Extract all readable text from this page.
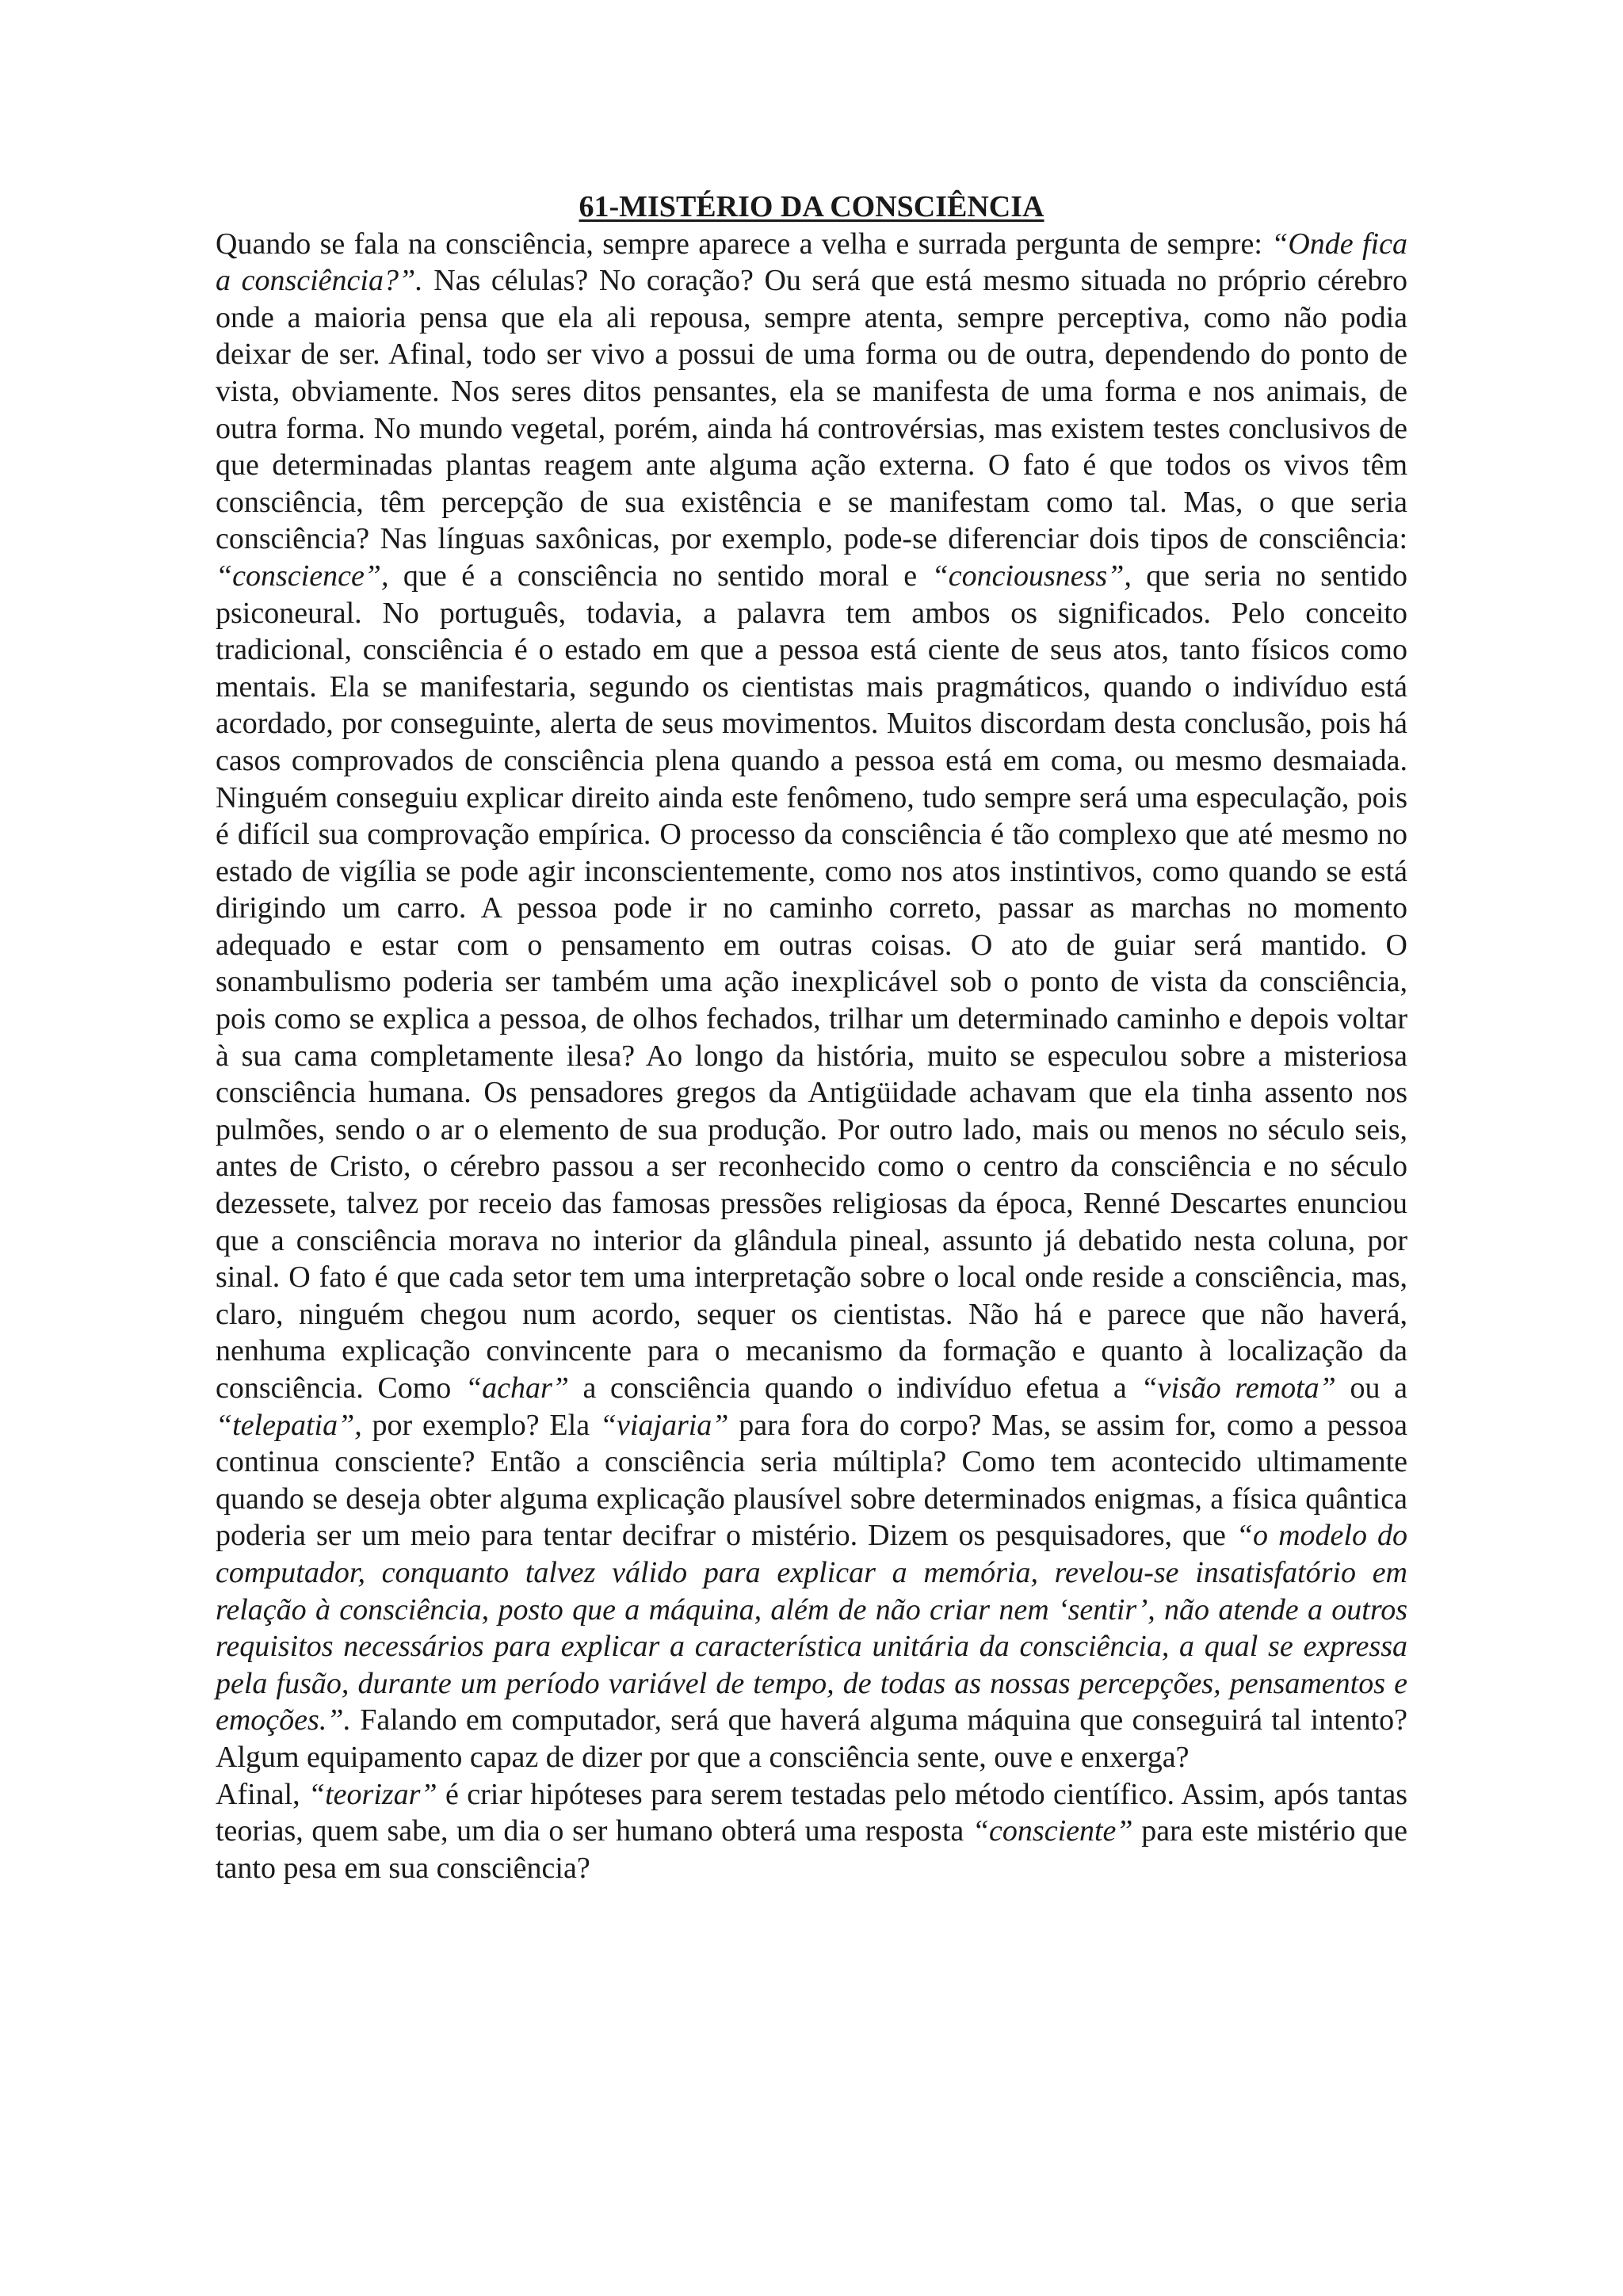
61-MISTÉRIO DA CONSCIÊNCIA

Quando se fala na consciência, sempre aparece a velha e surrada pergunta de sempre: “Onde fica a consciência?”. Nas células? No coração? Ou será que está mesmo situada no próprio cérebro onde a maioria pensa que ela ali repousa, sempre atenta, sempre perceptiva, como não podia deixar de ser. Afinal, todo ser vivo a possui de uma forma ou de outra, dependendo do ponto de vista, obviamente. Nos seres ditos pensantes, ela se manifesta de uma forma e nos animais, de outra forma. No mundo vegetal, porém, ainda há controvérsias, mas existem testes conclusivos de que determinadas plantas reagem ante alguma ação externa. O fato é que todos os vivos têm consciência, têm percepção de sua existência e se manifestam como tal. Mas, o que seria consciência? Nas línguas saxônicas, por exemplo, pode-se diferenciar dois tipos de consciência: “conscience”, que é a consciência no sentido moral e “conciousness”, que seria no sentido psiconeural. No português, todavia, a palavra tem ambos os significados. Pelo conceito tradicional, consciência é o estado em que a pessoa está ciente de seus atos, tanto físicos como mentais. Ela se manifestaria, segundo os cientistas mais pragmáticos, quando o indivíduo está acordado, por conseguinte, alerta de seus movimentos. Muitos discordam desta conclusão, pois há casos comprovados de consciência plena quando a pessoa está em coma, ou mesmo desmaiada. Ninguém conseguiu explicar direito ainda este fenômeno, tudo sempre será uma especulação, pois é difícil sua comprovação empírica. O processo da consciência é tão complexo que até mesmo no estado de vigília se pode agir inconscientemente, como nos atos instintivos, como quando se está dirigindo um carro. A pessoa pode ir no caminho correto, passar as marchas no momento adequado e estar com o pensamento em outras coisas. O ato de guiar será mantido. O sonambulismo poderia ser também uma ação inexplicável sob o ponto de vista da consciência, pois como se explica a pessoa, de olhos fechados, trilhar um determinado caminho e depois voltar à sua cama completamente ilesa? Ao longo da história, muito se especulou sobre a misteriosa consciência humana. Os pensadores gregos da Antigüidade achavam que ela tinha assento nos pulmões, sendo o ar o elemento de sua produção. Por outro lado, mais ou menos no século seis, antes de Cristo, o cérebro passou a ser reconhecido como o centro da consciência e no século dezessete, talvez por receio das famosas pressões religiosas da época, Renné Descartes enunciou que a consciência morava no interior da glândula pineal, assunto já debatido nesta coluna, por sinal. O fato é que cada setor tem uma interpretação sobre o local onde reside a consciência, mas, claro, ninguém chegou num acordo, sequer os cientistas. Não há e parece que não haverá, nenhuma explicação convincente para o mecanismo da formação e quanto à localização da consciência. Como “achar” a consciência quando o indivíduo efetua a “visão remota” ou a “telepatia”, por exemplo? Ela “viajaria” para fora do corpo? Mas, se assim for, como a pessoa continua consciente? Então a consciência seria múltipla? Como tem acontecido ultimamente quando se deseja obter alguma explicação plausível sobre determinados enigmas, a física quântica poderia ser um meio para tentar decifrar o mistério. Dizem os pesquisadores, que “o modelo do computador, conquanto talvez válido para explicar a memória, revelou-se insatisfatório em relação à consciência, posto que a máquina, além de não criar nem ‘sentir’, não atende a outros requisitos necessários para explicar a característica unitária da consciência, a qual se expressa pela fusão, durante um período variável de tempo, de todas as nossas percepções, pensamentos e emoções.”. Falando em computador, será que haverá alguma máquina que conseguirá tal intento? Algum equipamento capaz de dizer por que a consciência sente, ouve e enxerga?

Afinal, “teorizar” é criar hipóteses para serem testadas pelo método científico. Assim, após tantas teorias, quem sabe, um dia o ser humano obterá uma resposta “consciente” para este mistério que tanto pesa em sua consciência?
